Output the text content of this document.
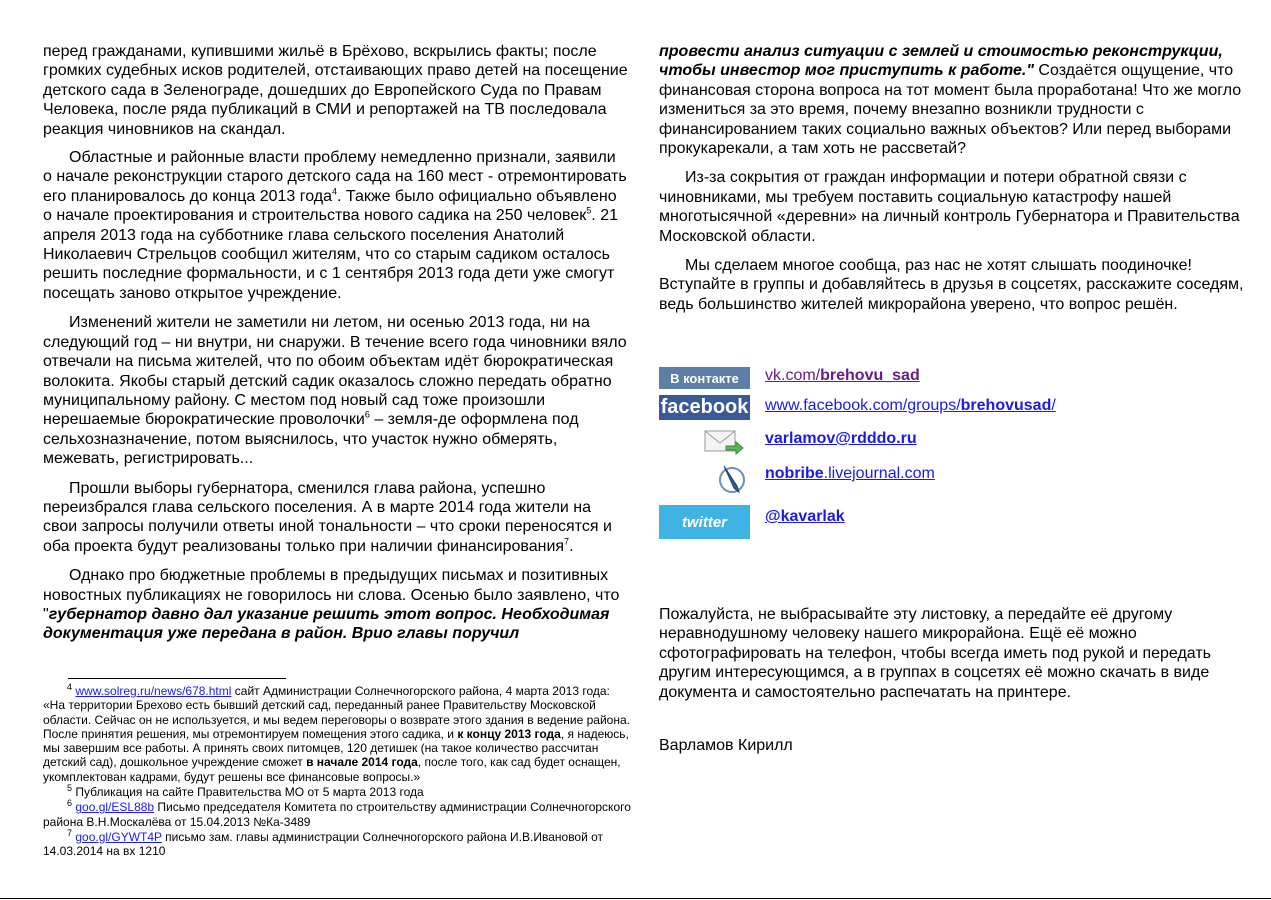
перед гражданами, купившими жильё в Брёхово, вскрылись факты; после громких судебных исков родителей, отстаивающих право детей на посещение детского сада в Зеленограде, дошедших до Европейского Суда по Правам Человека, после ряда публикаций в СМИ и репортажей на ТВ последовала реакция чиновников на скандал.

Областные и районные власти проблему немедленно признали, заявили о начале реконструкции старого детского сада на 160 мест - отремонтировать его планировалось до конца 2013 года$^4$. Также было официально объявлено о начале проектирования и строительства нового садика на 250 человек$^5$. 21 апреля 2013 года на субботнике глава сельского поселения Анатолий Николаевич Стрельцов сообщил жителям, что со старым садиком осталось решить последние формальности, и с 1 сентября 2013 года дети уже смогут посещать заново открытое учреждение.

Изменений жители не заметили ни летом, ни осенью 2013 года, ни на следующий год – ни внутри, ни снаружи. В течение всего года чиновники вяло отвечали на письма жителей, что по обоим объектам идёт бюрократическая волокита. Якобы старый детский садик оказалось сложно передать обратно муниципальному району. С местом под новый сад тоже произошли нерешаемые бюрократические проволочки$^6$ – земля-де оформлена под сельхозназначение, потом выяснилось, что участок нужно обмерять, межевать, регистрировать...

Прошли выборы губернатора, сменился глава района, успешно переизбрался глава сельского поселения. А в марте 2014 года жители на свои запросы получили ответы иной тональности – что сроки переносятся и оба проекта будут реализованы только при наличии финансирования$^7$.

Однако про бюджетные проблемы в предыдущих письмах и позитивных новостных публикациях не говорилось ни слова. Осенью было заявлено, что "губернатор давно дал указание решить этот вопрос. Необходимая документация уже передана в район. Врио главы поручил

$^4$ www.solreg.ru/news/678.html сайт Администрации Солнечногорского района, 4 марта 2013 года: «На территории Брехово есть бывший детский сад, переданный ранее Правительству Московской области. Сейчас он не используется, и мы ведем переговоры о возврате этого здания в ведение района. После принятия решения, мы отремонтируем помещения этого садика, и к концу 2013 года, я надеюсь, мы завершим все работы. А принять своих питомцев, 120 детишек (на такое количество рассчитан детский сад), дошкольное учреждение сможет в начале 2014 года, после того, как сад будет оснащен, укомплектован кадрами, будут решены все финансовые вопросы.»

$^5$ Публикация на сайте Правительства МО от 5 марта 2013 года

$^6$ goo.gl/ESL88b Письмо председателя Комитета по строительству администрации Солнечногорского района В.Н.Москалёва от 15.04.2013 №Ка-3489

$^7$ goo.gl/GYWT4P письмо зам. главы администрации Солнечногорского района И.В.Ивановой от 14.03.2014 на вх 1210

провести анализ ситуации с землей и стоимостью реконструкции, чтобы инвестор мог приступить к работе." Создаётся ощущение, что финансовая сторона вопроса на тот момент была проработана! Что же могло измениться за это время, почему внезапно возникли трудности с финансированием таких социально важных объектов? Или перед выборами прокукарекали, а там хоть не рассветай?

Из-за сокрытия от граждан информации и потери обратной связи с чиновниками, мы требуем поставить социальную катастрофу нашей многотысячной «деревни» на личный контроль Губернатора и Правительства Московской области.

Мы сделаем многое сообща, раз нас не хотят слышать поодиночке! Вступайте в группы и добавляйтесь в друзья в соцсетях, расскажите соседям, ведь большинство жителей микрорайона уверено, что вопрос решён.

В контакте vk.com/brehovu_sad
facebook www.facebook.com/groups/brehovusad/
varlamov@rdddo.ru
nobribe.livejournal.com
twitter @kavarlak

Пожалуйста, не выбрасывайте эту листовку, а передайте её другому неравнодушному человеку нашего микрорайона. Ещё её можно сфотографировать на телефон, чтобы всегда иметь под рукой и передать другим интересующимся, а в группах в соцсетях её можно скачать в виде документа и самостоятельно распечатать на принтере.

Варламов Кирилл
